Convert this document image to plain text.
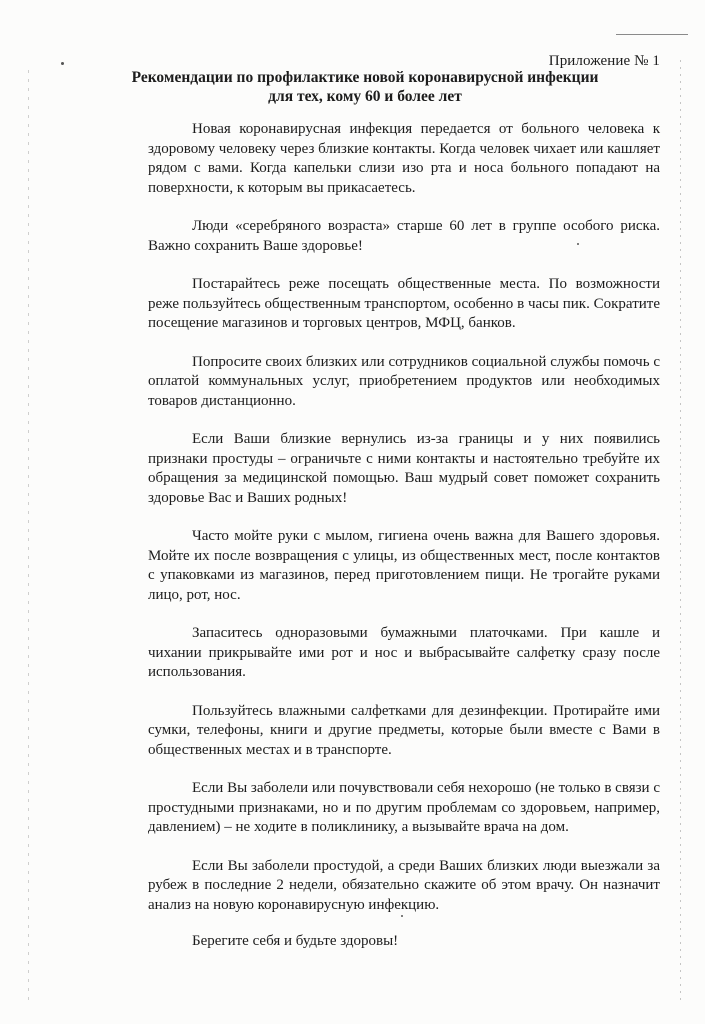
Приложение № 1
Рекомендации по профилактике новой коронавирусной инфекции
для тех, кому 60 и более лет

Новая коронавирусная инфекция передается от больного человека к здоровому человеку через близкие контакты. Когда человек чихает или кашляет рядом с вами. Когда капельки слизи изо рта и носа больного попадают на поверхности, к которым вы прикасаетесь.

Люди «серебряного возраста» старше 60 лет в группе особого риска. Важно сохранить Ваше здоровье!

Постарайтесь реже посещать общественные места. По возможности реже пользуйтесь общественным транспортом, особенно в часы пик. Сократите посещение магазинов и торговых центров, МФЦ, банков.

Попросите своих близких или сотрудников социальной службы помочь с оплатой коммунальных услуг, приобретением продуктов или необходимых товаров дистанционно.

Если Ваши близкие вернулись из-за границы и у них появились признаки простуды – ограничьте с ними контакты и настоятельно требуйте их обращения за медицинской помощью. Ваш мудрый совет поможет сохранить здоровье Вас и Ваших родных!

Часто мойте руки с мылом, гигиена очень важна для Вашего здоровья. Мойте их после возвращения с улицы, из общественных мест, после контактов с упаковками из магазинов, перед приготовлением пищи. Не трогайте руками лицо, рот, нос.

Запаситесь одноразовыми бумажными платочками. При кашле и чихании прикрывайте ими рот и нос и выбрасывайте салфетку сразу после использования.

Пользуйтесь влажными салфетками для дезинфекции. Протирайте ими сумки, телефоны, книги и другие предметы, которые были вместе с Вами в общественных местах и в транспорте.

Если Вы заболели или почувствовали себя нехорошо (не только в связи с простудными признаками, но и по другим проблемам со здоровьем, например, давлением) – не ходите в поликлинику, а вызывайте врача на дом.

Если Вы заболели простудой, а среди Ваших близких люди выезжали за рубеж в последние 2 недели, обязательно скажите об этом врачу. Он назначит анализ на новую коронавирусную инфекцию.

Берегите себя и будьте здоровы!
